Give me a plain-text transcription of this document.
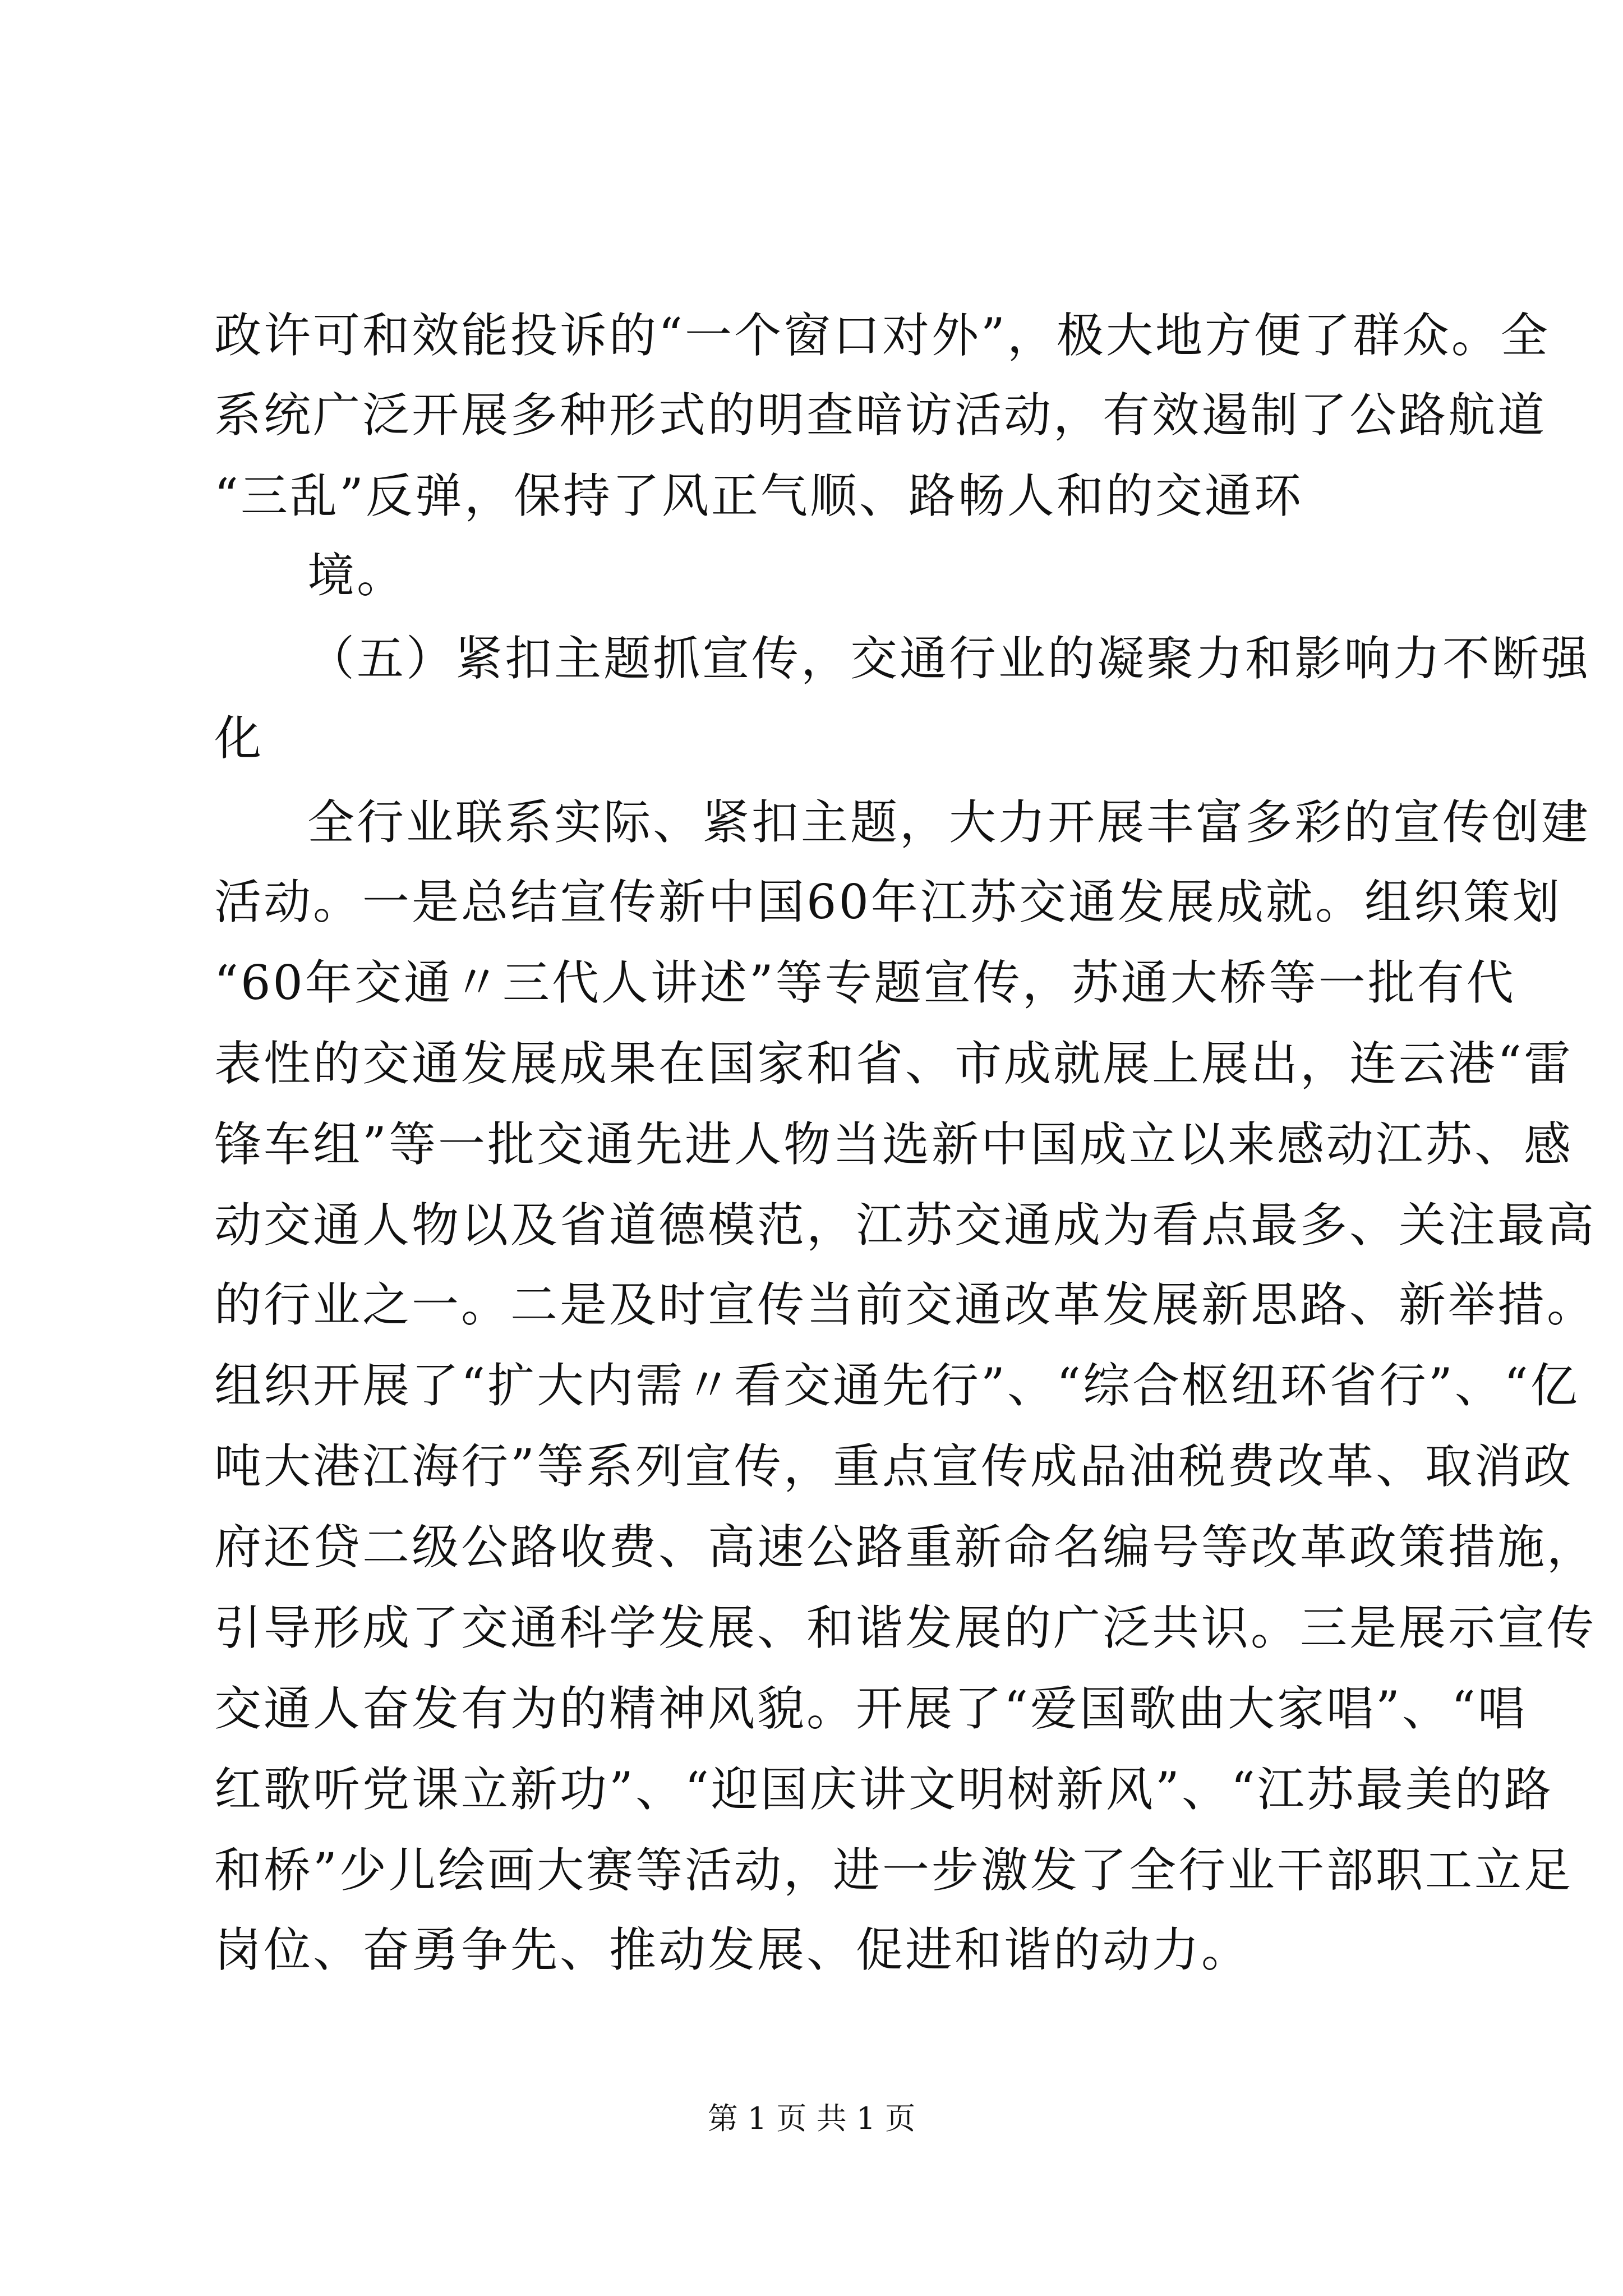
政许可和效能投诉的“一个窗口对外”，极大地方便了群众。全
系统广泛开展多种形式的明查暗访活动，有效遏制了公路航道
“三乱”反弹，保持了风正气顺、路畅人和的交通环
境。
（五）紧扣主题抓宣传，交通行业的凝聚力和影响力不断强
化
全行业联系实际、紧扣主题，大力开展丰富多彩的宣传创建
活动。一是总结宣传新中国60年江苏交通发展成就。组织策划
“60年交通〃三代人讲述”等专题宣传，苏通大桥等一批有代
表性的交通发展成果在国家和省、市成就展上展出，连云港“雷
锋车组”等一批交通先进人物当选新中国成立以来感动江苏、感
动交通人物以及省道德模范，江苏交通成为看点最多、关注最高
的行业之一。二是及时宣传当前交通改革发展新思路、新举措。
组织开展了“扩大内需〃看交通先行”、“综合枢纽环省行”、“亿
吨大港江海行”等系列宣传，重点宣传成品油税费改革、取消政
府还贷二级公路收费、高速公路重新命名编号等改革政策措施，
引导形成了交通科学发展、和谐发展的广泛共识。三是展示宣传
交通人奋发有为的精神风貌。开展了“爱国歌曲大家唱”、“唱
红歌听党课立新功”、“迎国庆讲文明树新风”、“江苏最美的路
和桥”少儿绘画大赛等活动，进一步激发了全行业干部职工立足
岗位、奋勇争先、推动发展、促进和谐的动力。
第 1 页 共 1 页
